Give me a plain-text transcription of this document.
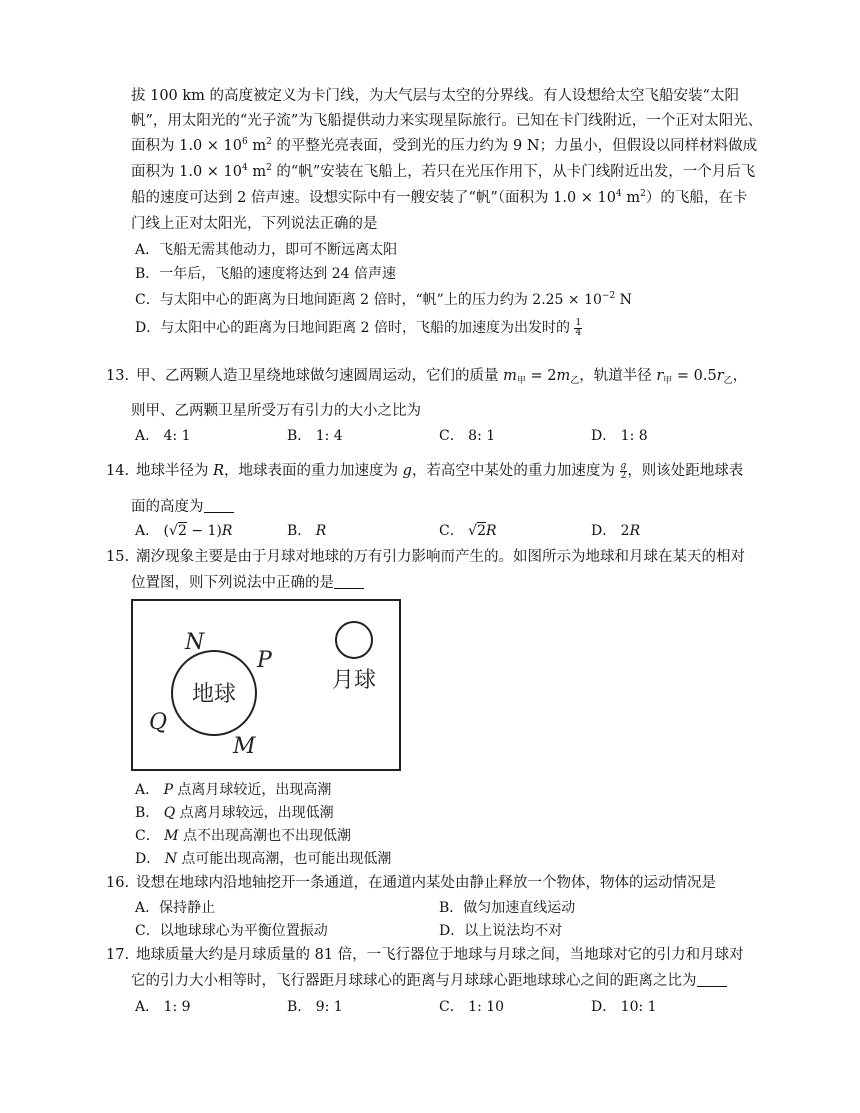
拔 100 km 的高度被定义为卡门线，为大气层与太空的分界线。有人设想给太空飞船安装“太阳
帆”，用太阳光的“光子流”为飞船提供动力来实现星际旅行。已知在卡门线附近，一个正对太阳光、
面积为 $1.0 \times 10^6$ $m^2$ 的平整光亮表面，受到光的压力约为 9 N；力虽小，但假设以同样材料做成
面积为 $1.0 \times 10^4$ $m^2$ 的“帆”安装在飞船上，若只在光压作用下，从卡门线附近出发，一个月后飞
船的速度可达到 2 倍声速。设想实际中有一艘安装了“帆”（面积为 $1.0 \times 10^4$ $m^2$）的飞船，在卡
门线上正对太阳光，下列说法正确的是
A．飞船无需其他动力，即可不断远离太阳
B．一年后，飞船的速度将达到 24 倍声速
C．与太阳中心的距离为日地间距离 2 倍时，“帆”上的压力约为 $2.25 \times 10^{-2}$ N
D．与太阳中心的距离为日地间距离 2 倍时，飞船的加速度为出发时的 $\frac{1}{4}$
13. 甲、乙两颗人造卫星绕地球做匀速圆周运动，它们的质量 $m_甲 = 2m_乙$，轨道半径 $r_甲 = 0.5r_乙$，
则甲、乙两颗卫星所受万有引力的大小之比为
A． 4: 1	B． 1: 4	C． 8: 1	D． 1: 8
14. 地球半径为 R，地球表面的重力加速度为 g，若高空中某处的重力加速度为 $\frac{g}{2}$ ，则该处距地球表
面的高度为
A． (√2 − 1)R	B． R	C． √2R	D． 2R
15. 潮汐现象主要是由于月球对地球的万有引力影响而产生的。如图所示为地球和月球在某天的相对
位置图，则下列说法中正确的是
地球
月球
N
P
Q
M
A． P 点离月球较近，出现高潮
B． Q 点离月球较远，出现低潮
C． M 点不出现高潮也不出现低潮
D． N 点可能出现高潮，也可能出现低潮
16. 设想在地球内沿地轴挖开一条通道，在通道内某处由静止释放一个物体，物体的运动情况是
A．保持静止	B．做匀加速直线运动
C．以地球球心为平衡位置振动	D．以上说法均不对
17. 地球质量大约是月球质量的 81 倍，一飞行器位于地球与月球之间，当地球对它的引力和月球对
它的引力大小相等时，飞行器距月球球心的距离与月球球心距地球球心之间的距离之比为
A． 1: 9	B． 9: 1	C． 1: 10	D． 10: 1
